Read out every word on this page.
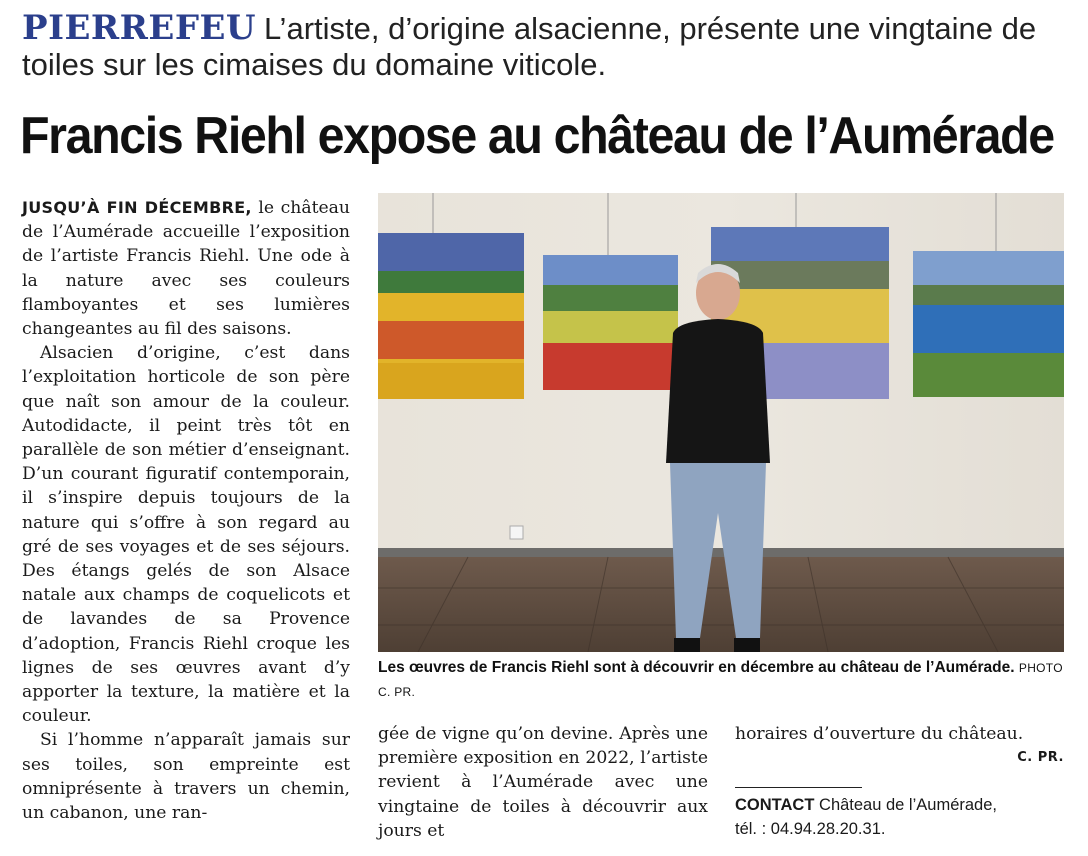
PIERREFEU L’artiste, d’origine alsacienne, présente une vingtaine de toiles sur les cimaises du domaine viticole.
Francis Riehl expose au château de l’Aumérade

JUSQU’À FIN DÉCEMBRE, le château de l’Aumérade accueille l’exposition de l’artiste Francis Riehl. Une ode à la nature avec ses couleurs flamboyantes et ses lumières changeantes au fil des saisons.

Alsacien d’origine, c’est dans l’exploitation horticole de son père que naît son amour de la couleur. Autodidacte, il peint très tôt en parallèle de son métier d’enseignant. D’un courant figuratif contemporain, il s’inspire depuis toujours de la nature qui s’offre à son regard au gré de ses voyages et de ses séjours. Des étangs gelés de son Alsace natale aux champs de coquelicots et de lavandes de sa Provence d’adoption, Francis Riehl croque les lignes de ses œuvres avant d’y apporter la texture, la matière et la couleur.

Si l’homme n’apparaît jamais sur ses toiles, son empreinte est omniprésente à travers un chemin, un cabanon, une ran-

Les œuvres de Francis Riehl sont à découvrir en décembre au château de l’Aumérade. PHOTO C. PR.

gée de vigne qu’on devine. Après une première exposition en 2022, l’artiste revient à l’Aumérade avec une vingtaine de toiles à découvrir aux jours et

horaires d’ouverture du château.
C. PR.

CONTACT Château de l’Aumérade,
tél. : 04.94.28.20.31.
